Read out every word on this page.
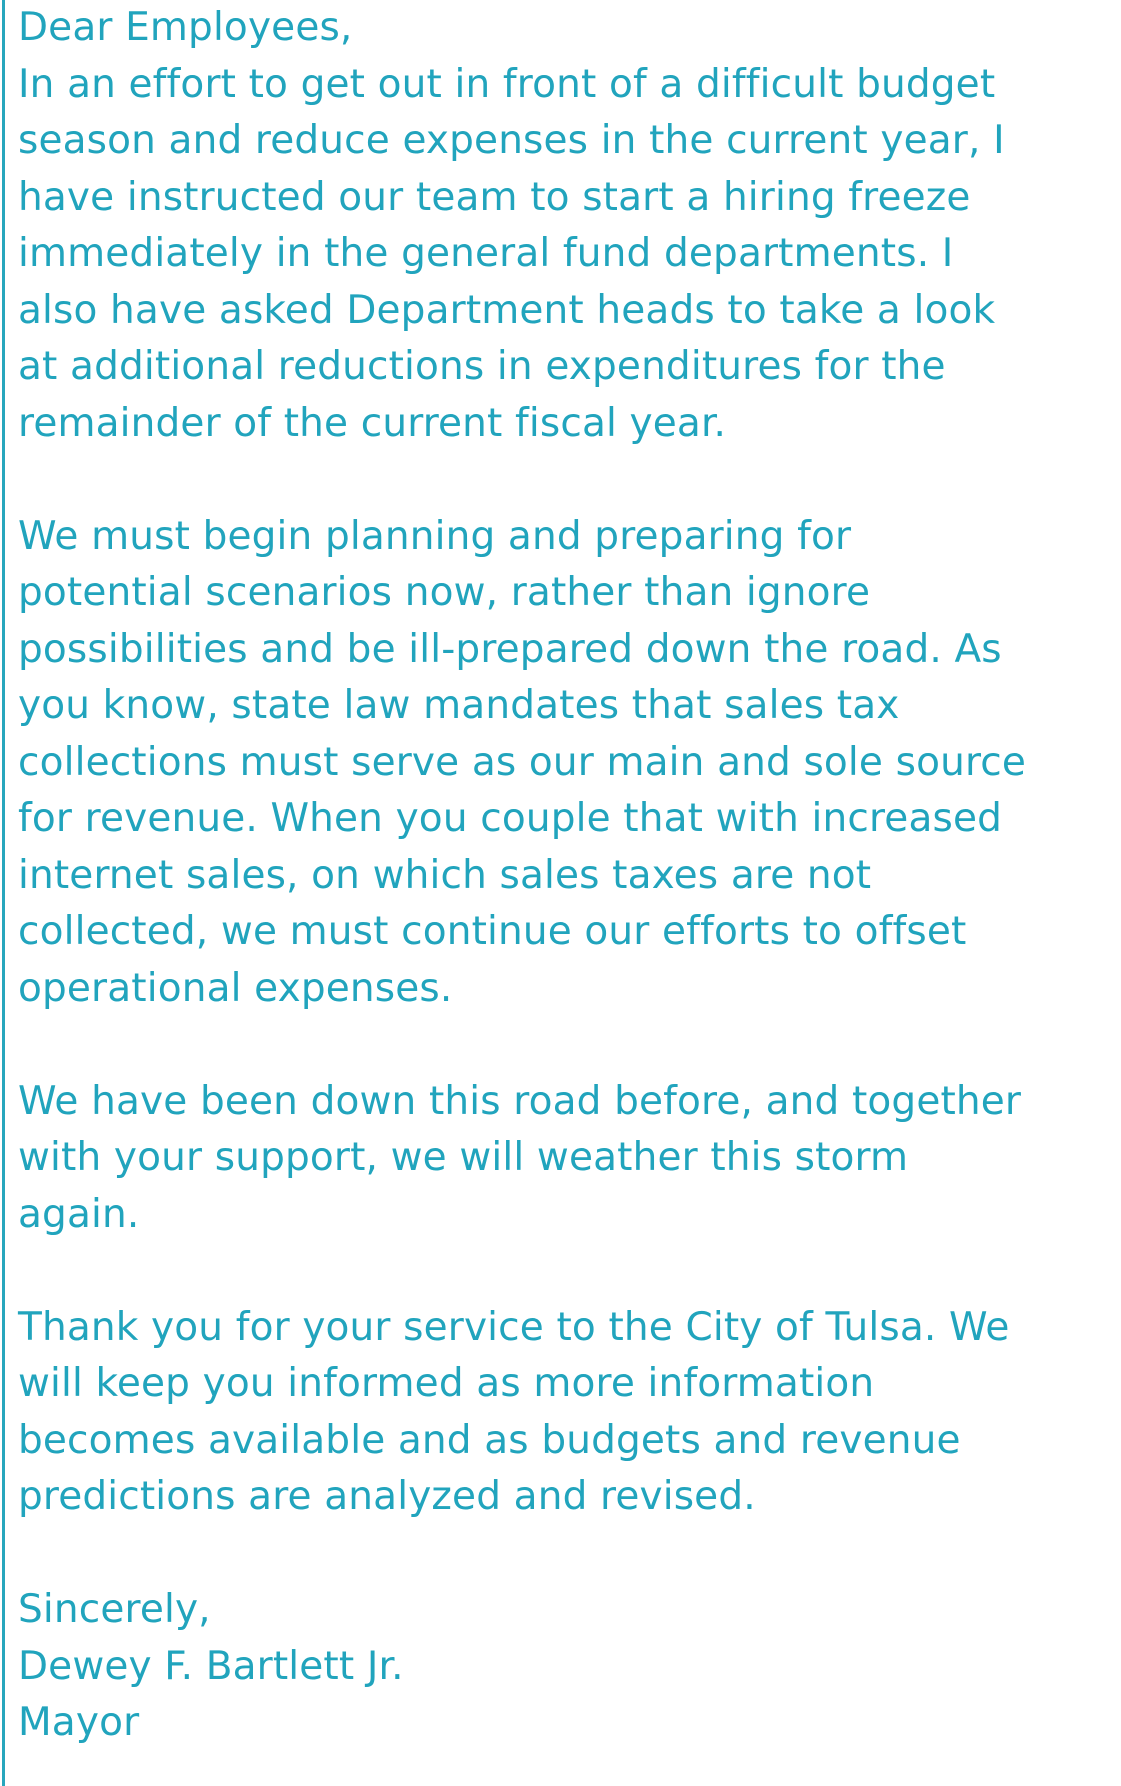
Dear Employees,
In an effort to get out in front of a difficult budget
season and reduce expenses in the current year, I
have instructed our team to start a hiring freeze
immediately in the general fund departments. I
also have asked Department heads to take a look
at additional reductions in expenditures for the
remainder of the current fiscal year.
We must begin planning and preparing for
potential scenarios now, rather than ignore
possibilities and be ill-prepared down the road. As
you know, state law mandates that sales tax
collections must serve as our main and sole source
for revenue. When you couple that with increased
internet sales, on which sales taxes are not
collected, we must continue our efforts to offset
operational expenses.
We have been down this road before, and together
with your support, we will weather this storm
again.
Thank you for your service to the City of Tulsa. We
will keep you informed as more information
becomes available and as budgets and revenue
predictions are analyzed and revised.
Sincerely,
Dewey F. Bartlett Jr.
Mayor
